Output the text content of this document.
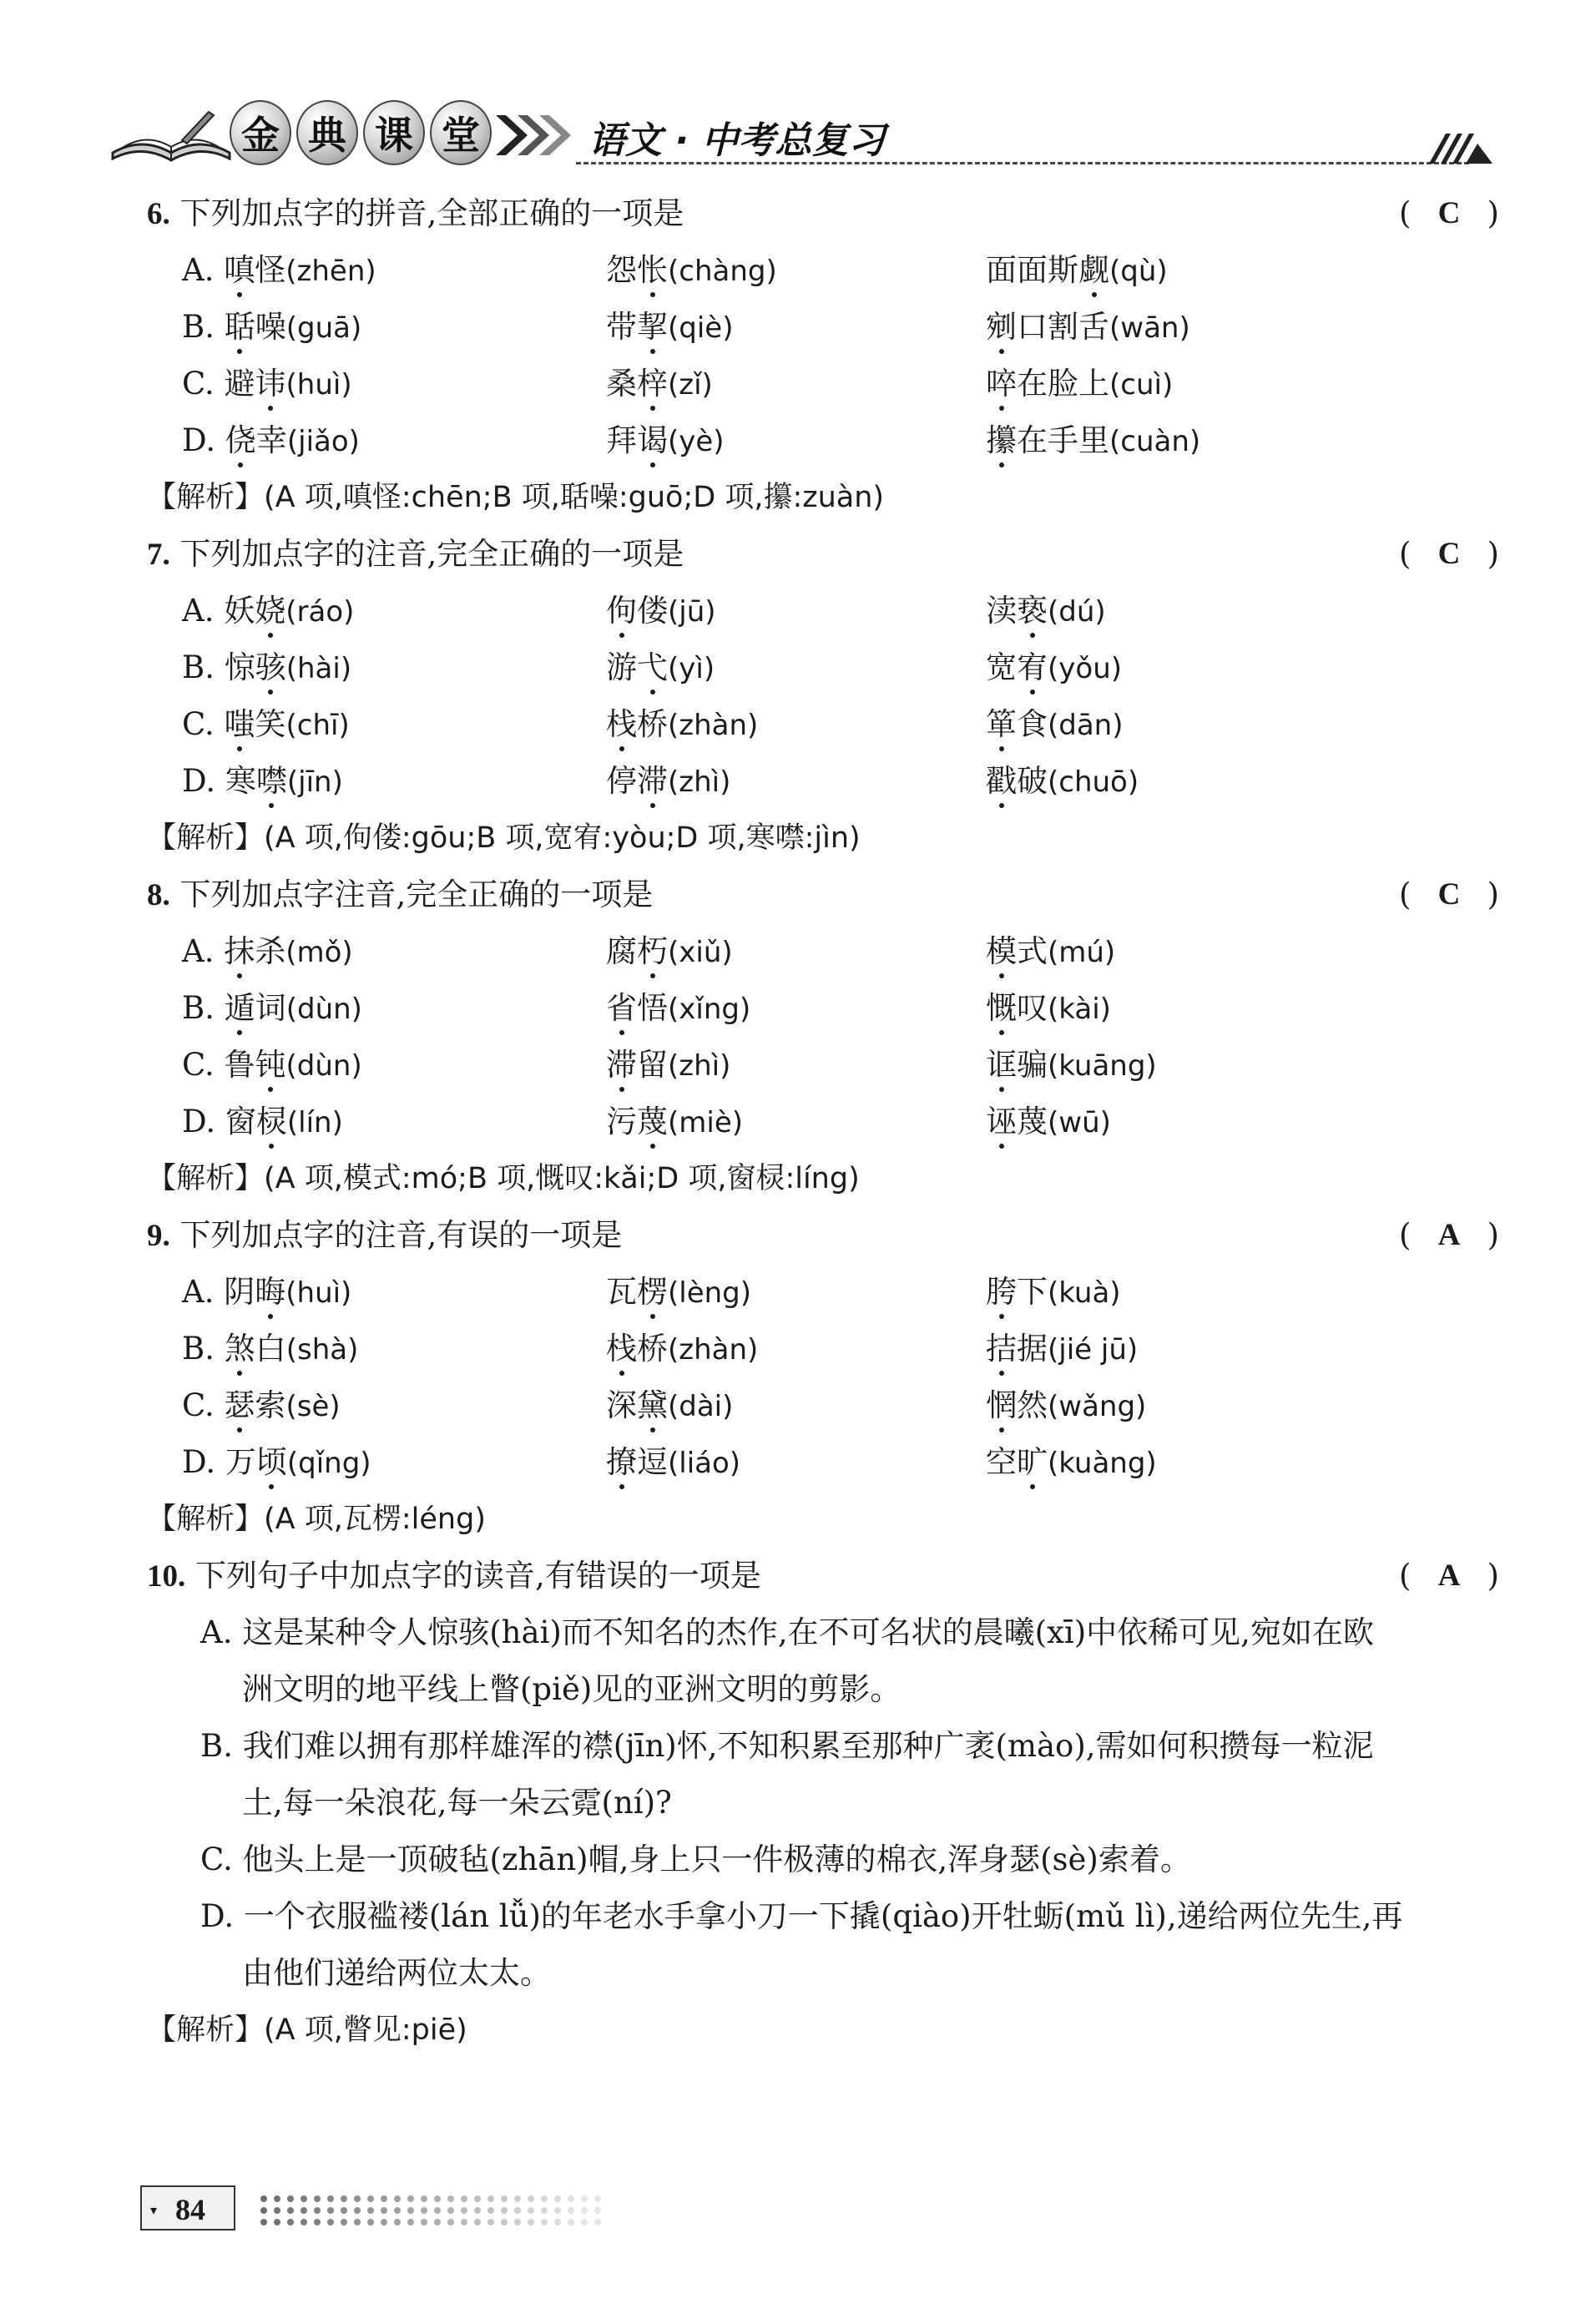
金 典 课 堂	语文 · 中考总复习
6. 下列加点字的拼音,全部正确的一项是	( C )
A. 嗔怪(zhēn)	怨怅(chàng)	面面斯觑(qù)
B. 聒噪(guā)	带挈(qiè)	剜口割舌(wān)
C. 避讳(huì)	桑梓(zǐ)	啐在脸上(cuì)
D. 侥幸(jiǎo)	拜谒(yè)	攥在手里(cuàn)
【解析】(A 项,嗔怪:chēn;B 项,聒噪:guō;D 项,攥:zuàn)
7. 下列加点字的注音,完全正确的一项是	( C )
A. 妖娆(ráo)	佝偻(jū)	渎亵(dú)
B. 惊骇(hài)	游弋(yì)	宽宥(yǒu)
C. 嗤笑(chī)	栈桥(zhàn)	箪食(dān)
D. 寒噤(jīn)	停滞(zhì)	戳破(chuō)
【解析】(A 项,佝偻:gōu;B 项,宽宥:yòu;D 项,寒噤:jìn)
8. 下列加点字注音,完全正确的一项是	( C )
A. 抹杀(mǒ)	腐朽(xiǔ)	模式(mú)
B. 遁词(dùn)	省悟(xǐng)	慨叹(kài)
C. 鲁钝(dùn)	滞留(zhì)	诓骗(kuāng)
D. 窗棂(lín)	污蔑(miè)	诬蔑(wū)
【解析】(A 项,模式:mó;B 项,慨叹:kǎi;D 项,窗棂:líng)
9. 下列加点字的注音,有误的一项是	( A )
A. 阴晦(huì)	瓦楞(lèng)	胯下(kuà)
B. 煞白(shà)	栈桥(zhàn)	拮据(jié jū)
C. 瑟索(sè)	深黛(dài)	惘然(wǎng)
D. 万顷(qǐng)	撩逗(liáo)	空旷(kuàng)
【解析】(A 项,瓦楞:léng)
10. 下列句子中加点字的读音,有错误的一项是	( A )
A. 这是某种令人惊骇(hài)而不知名的杰作,在不可名状的晨曦(xī)中依稀可见,宛如在欧
洲文明的地平线上瞥(piě)见的亚洲文明的剪影。
B. 我们难以拥有那样雄浑的襟(jīn)怀,不知积累至那种广袤(mào),需如何积攒每一粒泥
土,每一朵浪花,每一朵云霓(ní)?
C. 他头上是一顶破毡(zhān)帽,身上只一件极薄的棉衣,浑身瑟(sè)索着。
D. 一个衣服褴褛(lán lǚ)的年老水手拿小刀一下撬(qiào)开牡蛎(mǔ lì),递给两位先生,再
由他们递给两位太太。
【解析】(A 项,瞥见:piē)
▾ 84
